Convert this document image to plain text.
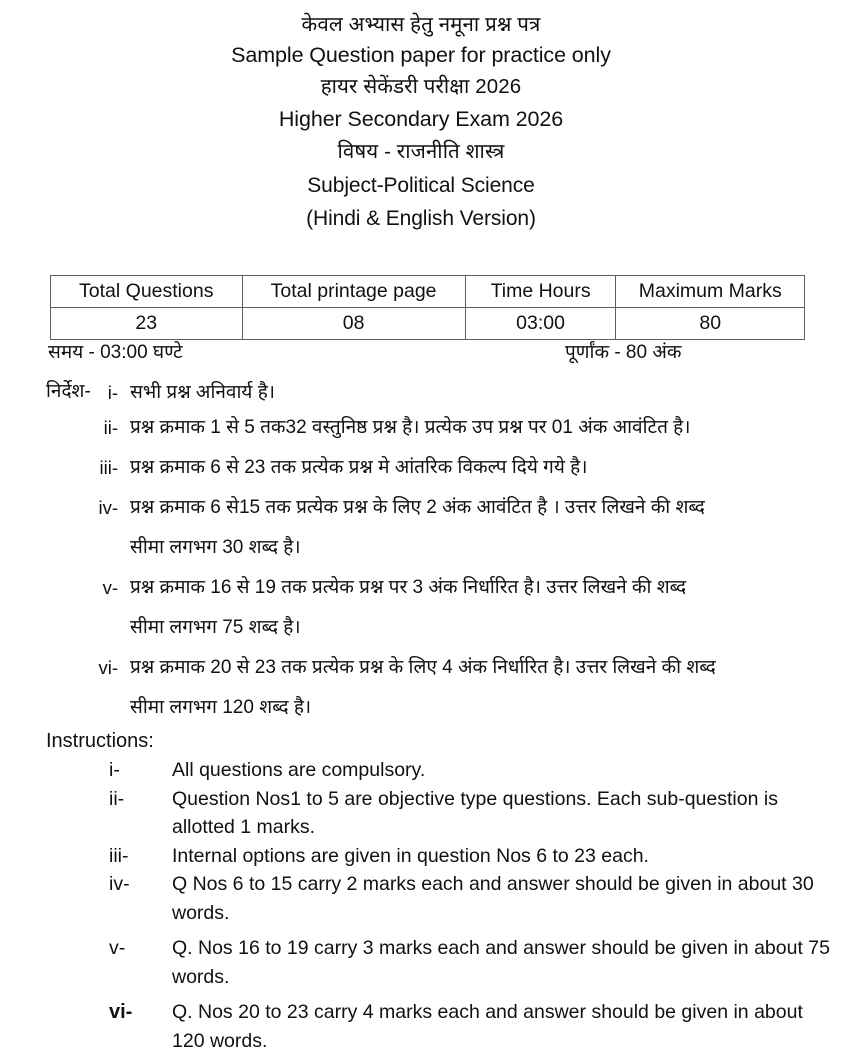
केवल अभ्यास हेतु नमूना प्रश्न पत्र
Sample Question paper for practice only
हायर सेकेंडरी परीक्षा 2026
Higher Secondary Exam 2026
विषय - राजनीति शास्त्र
Subject-Political Science
(Hindi & English Version)
Total Questions	Total printage page	Time Hours	Maximum Marks
23	08	03:00	80
समय - 03:00 घण्टे	पूर्णांक - 80 अंक
निर्देश- i- सभी प्रश्न अनिवार्य है।
ii- प्रश्न क्रमाक 1 से 5 तक32 वस्तुनिष्ठ प्रश्न है। प्रत्येक उप प्रश्न पर 01 अंक आवंटित है।
iii- प्रश्न क्रमाक 6 से 23 तक प्रत्येक प्रश्न मे आंतरिक विकल्प दिये गये है।
iv- प्रश्न क्रमाक 6 से15 तक प्रत्येक प्रश्न के लिए 2 अंक आवंटित है । उत्तर लिखने की शब्द
सीमा लगभग 30 शब्द है।
v- प्रश्न क्रमाक 16 से 19 तक प्रत्येक प्रश्न पर 3 अंक निर्धारित है। उत्तर लिखने की शब्द
सीमा लगभग 75 शब्द है।
vi- प्रश्न क्रमाक 20 से 23 तक प्रत्येक प्रश्न के लिए 4 अंक निर्धारित है। उत्तर लिखने की शब्द
सीमा लगभग 120 शब्द है।
Instructions:
i-	All questions are compulsory.
ii-	Question Nos1 to 5 are objective type questions. Each sub-question is allotted 1 marks.
iii-	Internal options are given in question Nos 6 to 23 each.
iv-	Q Nos 6 to 15 carry 2 marks each and answer should be given in about 30 words.
v-	Q. Nos 16 to 19 carry 3 marks each and answer should be given in about 75 words.
vi-	Q. Nos 20 to 23 carry 4 marks each and answer should be given in about 120 words.
